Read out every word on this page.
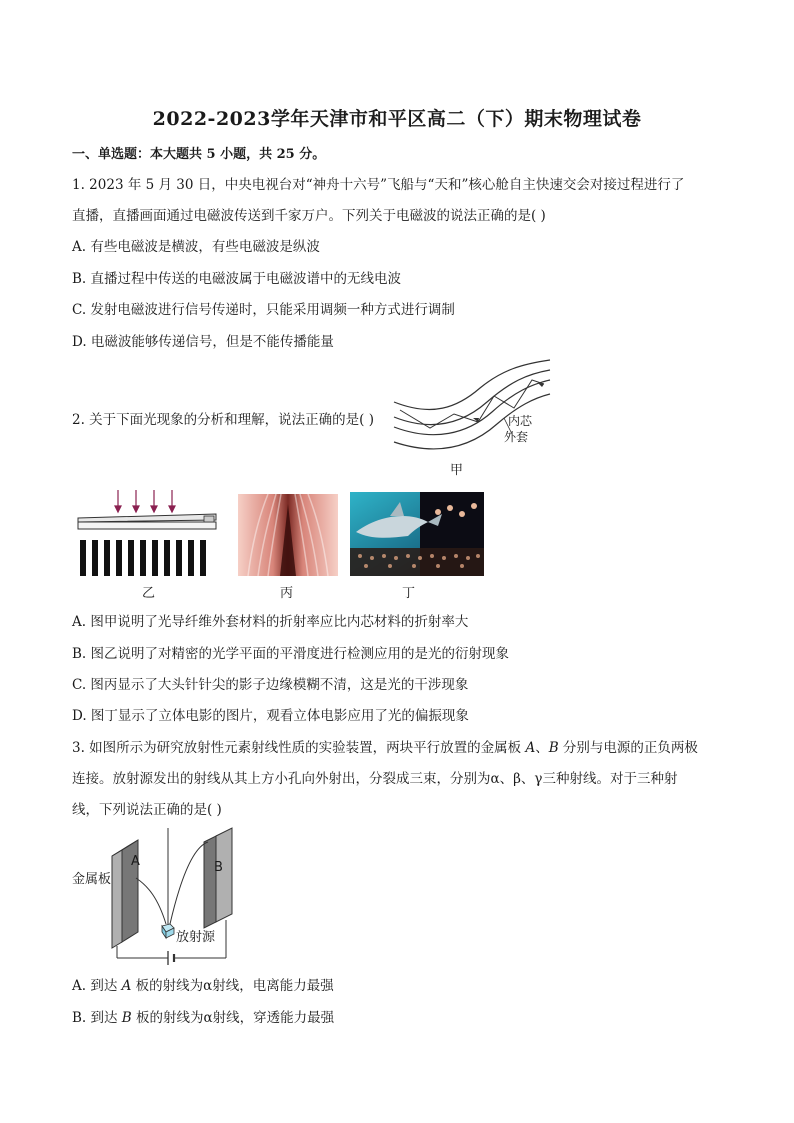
2022-2023学年天津市和平区高二（下）期末物理试卷
一、单选题：本大题共 5 小题，共 25 分。
1. 2023 年 5 月 30 日，中央电视台对“神舟十六号”飞船与“天和”核心舱自主快速交会对接过程进行了
直播，直播画面通过电磁波传送到千家万户。下列关于电磁波的说法正确的是( )
A. 有些电磁波是横波，有些电磁波是纵波
B. 直播过程中传送的电磁波属于电磁波谱中的无线电波
C. 发射电磁波进行信号传递时，只能采用调频一种方式进行调制
D. 电磁波能够传递信号，但是不能传播能量
2. 关于下面光现象的分析和理解，说法正确的是( )	内芯
外套
甲
乙	丙	丁
A. 图甲说明了光导纤维外套材料的折射率应比内芯材料的折射率大
B. 图乙说明了对精密的光学平面的平滑度进行检测应用的是光的衍射现象
C. 图丙显示了大头针针尖的影子边缘模糊不清，这是光的干涉现象
D. 图丁显示了立体电影的图片，观看立体电影应用了光的偏振现象
3. 如图所示为研究放射性元素射线性质的实验装置，两块平行放置的金属板 A、B 分别与电源的正负两极
连接。放射源发出的射线从其上方小孔向外射出，分裂成三束，分别为α、β、γ三种射线。对于三种射
线，下列说法正确的是( )
金属板
A	B
放射源
A. 到达 A 板的射线为α射线，电离能力最强
B. 到达 B 板的射线为α射线，穿透能力最强
